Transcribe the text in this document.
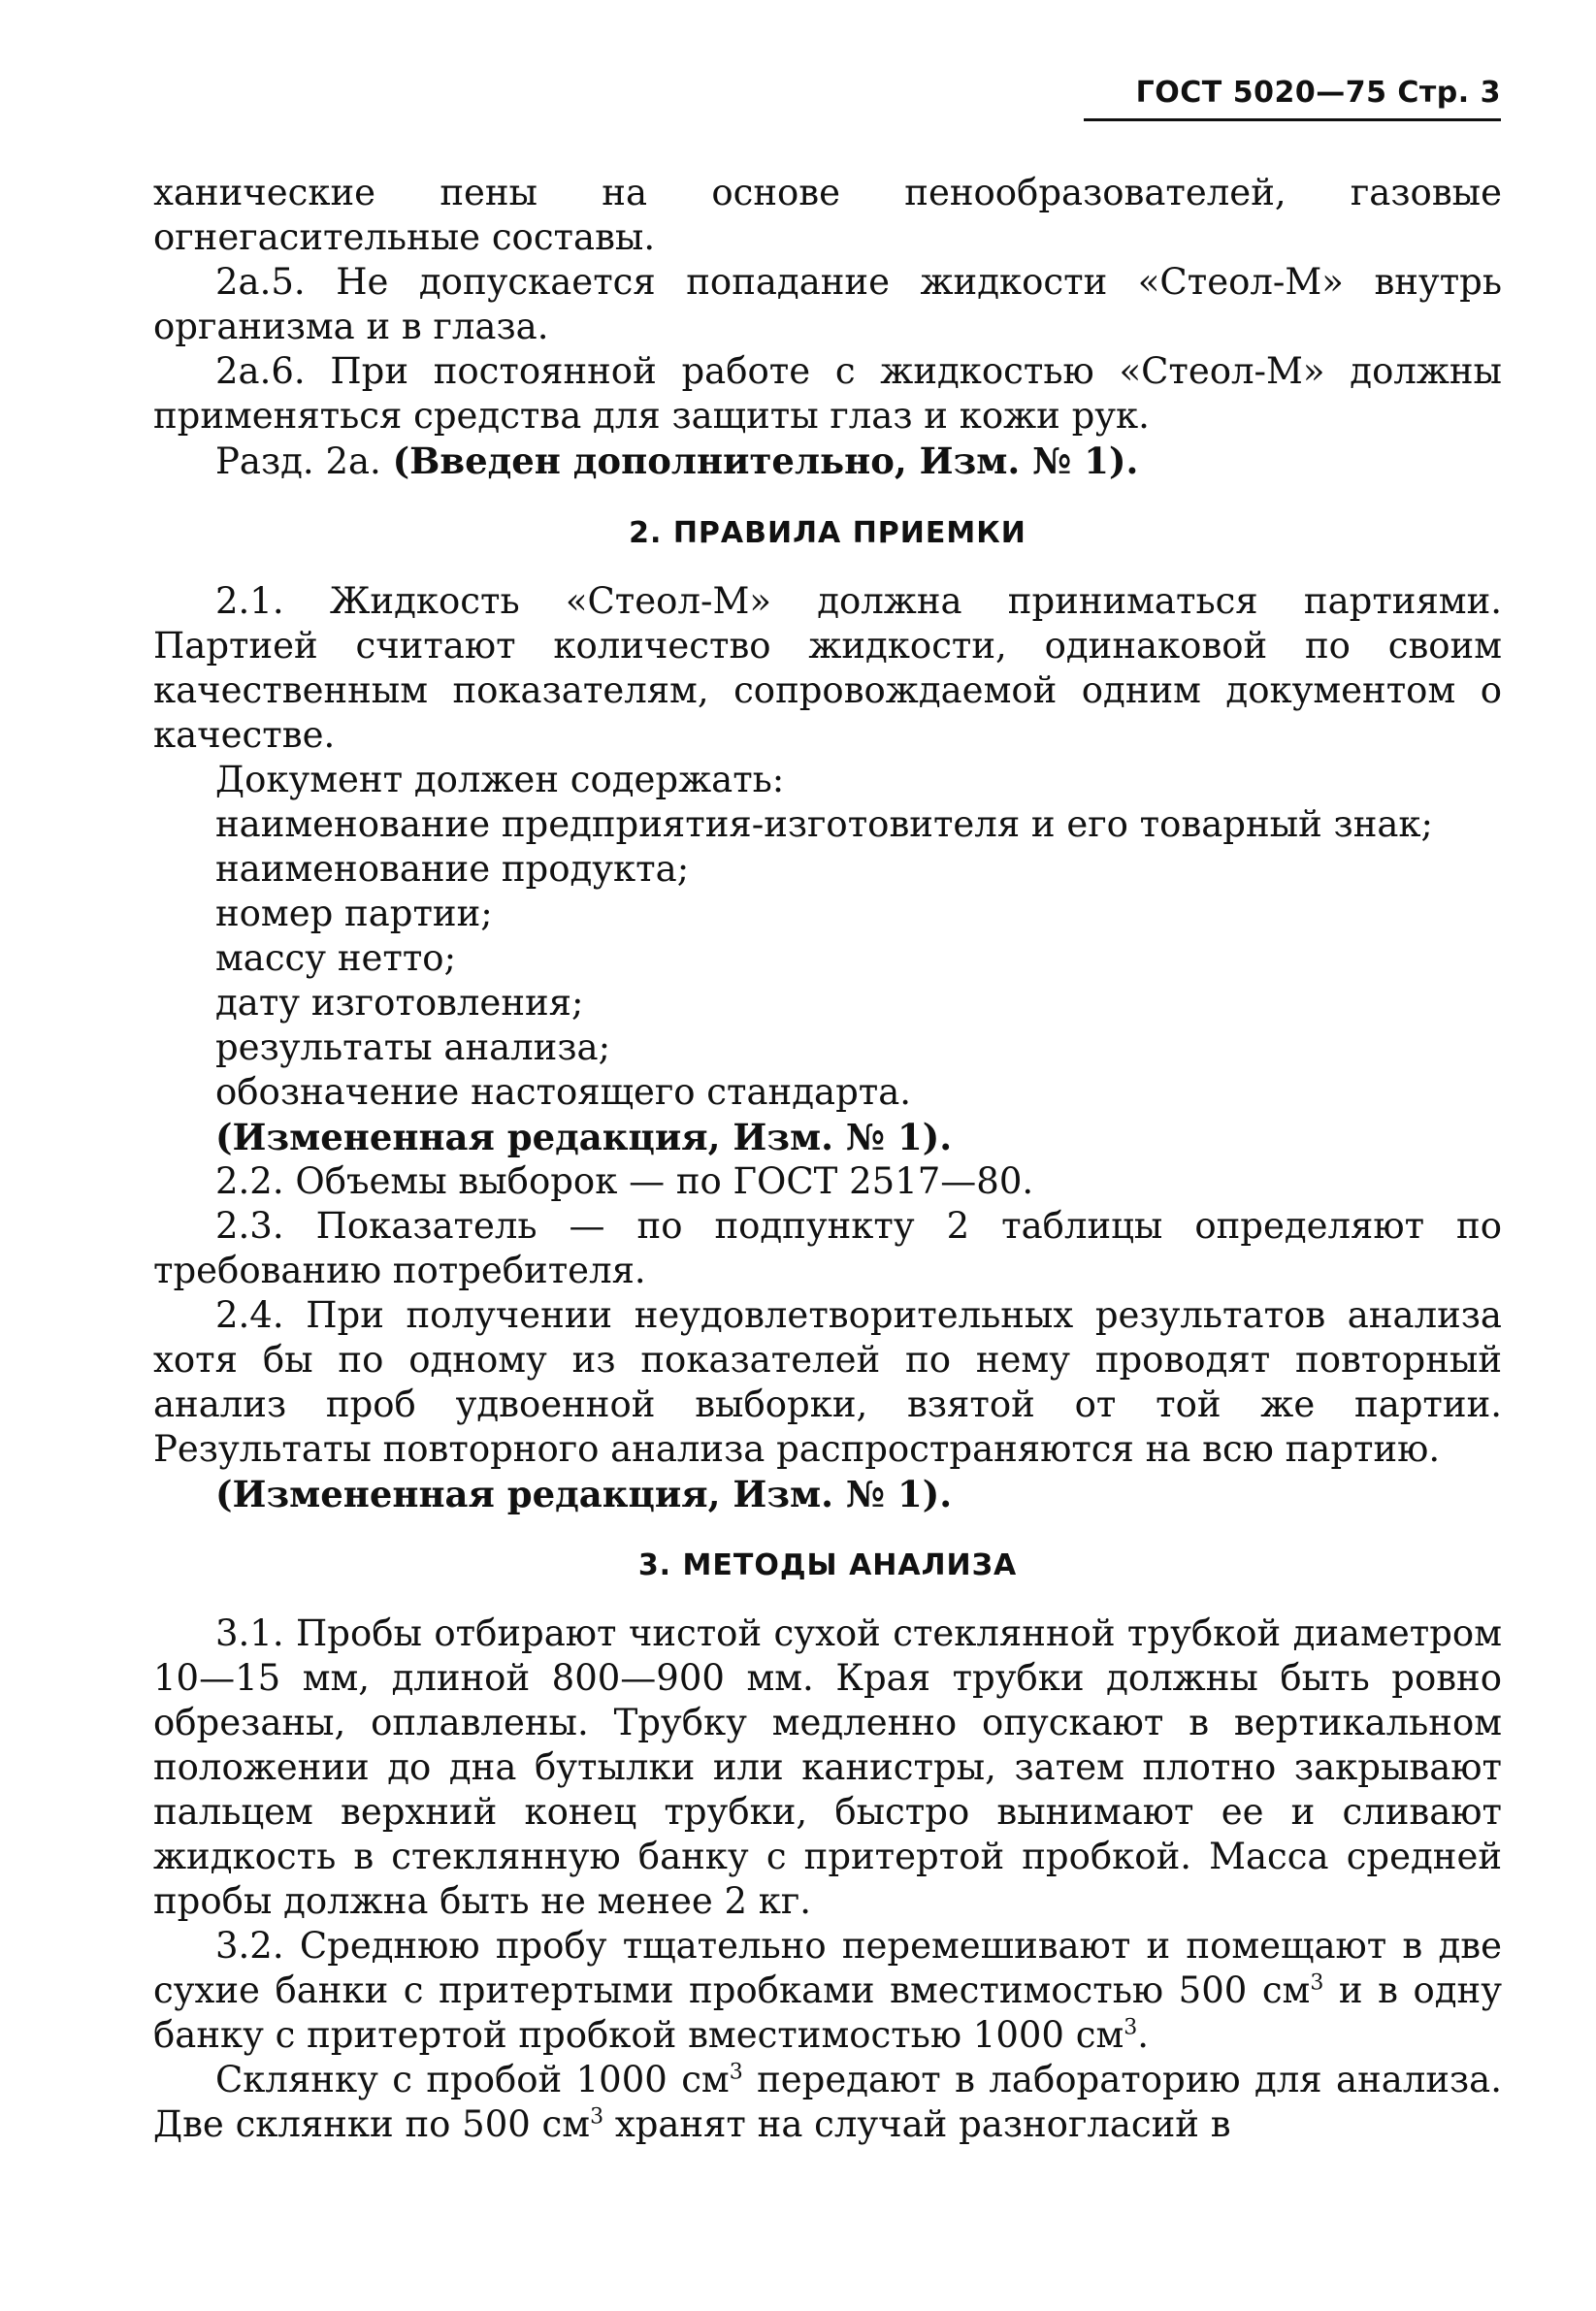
ГОСТ 5020—75 Стр. 3

ханические пены на основе пенообразователей, газовые огнегасительные составы.

2а.5. Не допускается попадание жидкости «Стеол-М» внутрь организма и в глаза.

2а.6. При постоянной работе с жидкостью «Стеол-М» должны применяться средства для защиты глаз и кожи рук.

Разд. 2а. (Введен дополнительно, Изм. № 1).

2. ПРАВИЛА ПРИЕМКИ

2.1. Жидкость «Стеол-М» должна приниматься партиями. Партией считают количество жидкости, одинаковой по своим качественным показателям, сопровождаемой одним документом о качестве.

Документ должен содержать:

наименование предприятия-изготовителя и его товарный знак;

наименование продукта;

номер партии;

массу нетто;

дату изготовления;

результаты анализа;

обозначение настоящего стандарта.

(Измененная редакция, Изм. № 1).

2.2. Объемы выборок — по ГОСТ 2517—80.

2.3. Показатель — по подпункту 2 таблицы определяют по требованию потребителя.

2.4. При получении неудовлетворительных результатов анализа хотя бы по одному из показателей по нему проводят повторный анализ проб удвоенной выборки, взятой от той же партии. Результаты повторного анализа распространяются на всю партию.

(Измененная редакция, Изм. № 1).

3. МЕТОДЫ АНАЛИЗА

3.1. Пробы отбирают чистой сухой стеклянной трубкой диаметром 10—15 мм, длиной 800—900 мм. Края трубки должны быть ровно обрезаны, оплавлены. Трубку медленно опускают в вертикальном положении до дна бутылки или канистры, затем плотно закрывают пальцем верхний конец трубки, быстро вынимают ее и сливают жидкость в стеклянную банку с притертой пробкой. Масса средней пробы должна быть не менее 2 кг.

3.2. Среднюю пробу тщательно перемешивают и помещают в две сухие банки с притертыми пробками вместимостью 500 $см^3$ и в одну банку с притертой пробкой вместимостью 1000 $см^3$.

Склянку с пробой 1000 $см^3$ передают в лабораторию для анализа. Две склянки по 500 $см^3$ хранят на случай разногласий в
